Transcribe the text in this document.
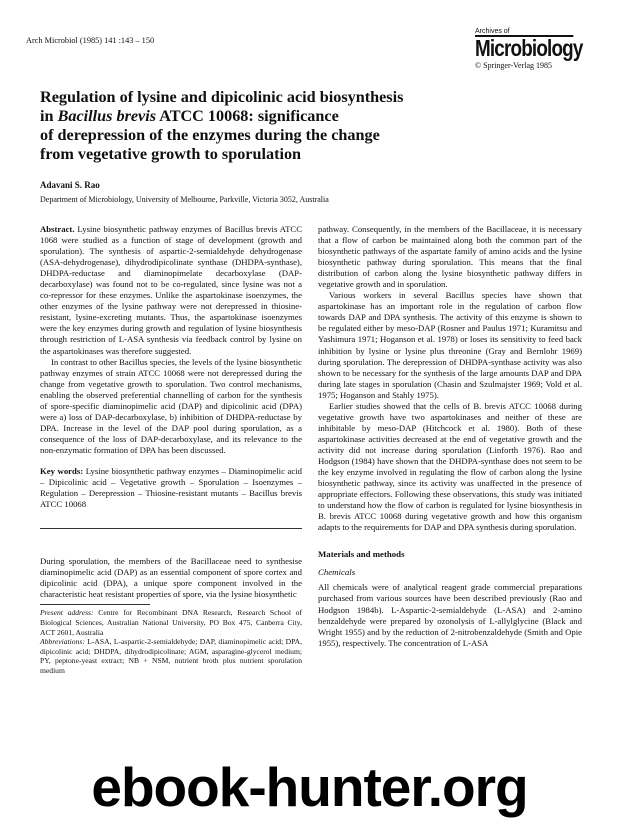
Arch Microbiol (1985) 141 :143 – 150
Archives of
Microbiology
© Springer-Verlag 1985
Regulation of lysine and dipicolinic acid biosynthesis
in Bacillus brevis ATCC 10068: significance
of derepression of the enzymes during the change
from vegetative growth to sporulation
Adavani S. Rao
Department of Microbiology, University of Melbourne, Parkville, Victoria 3052, Australia

Abstract. Lysine biosynthetic pathway enzymes of Bacillus brevis ATCC 1068 were studied as a function of stage of development (growth and sporulation). The synthesis of aspartic-2-semialdehyde dehydrogenase (ASA-dehydrogenase), dihydrodipicolinate synthase (DHDPA-synthase), DHDPA-reductase and diaminopimelate decarboxylase (DAP-decarboxylase) was found not to be co-regulated, since lysine was not a co-repressor for these enzymes. Unlike the aspartokinase isoenzymes, the other enzymes of the lysine pathway were not derepressed in thiosine-resistant, lysine-excreting mutants. Thus, the aspartokinase isoenzymes were the key enzymes during growth and regulation of lysine biosynthesis through restriction of L-ASA synthesis via feedback control by lysine on the aspartokinases was therefore suggested.

In contrast to other Bacillus species, the levels of the lysine biosynthetic pathway enzymes of strain ATCC 10068 were not derepressed during the change from vegetative growth to sporulation. Two control mechanisms, enabling the observed preferential channelling of carbon for the synthesis of spore-specific diaminopimelic acid (DAP) and dipicolinic acid (DPA) were a) loss of DAP-decarboxylase, b) inhibition of DHDPA-reductase by DPA. Increase in the level of the DAP pool during sporulation, as a consequence of the loss of DAP-decarboxylase, and its relevance to the non-enzymatic formation of DPA has been discussed.

Key words: Lysine biosynthetic pathway enzymes – Diaminopimelic acid – Dipicolinic acid – Vegetative growth – Sporulation – Isoenzymes – Regulation – Derepression – Thiosine-resistant mutants – Bacillus brevis ATCC 10068

During sporulation, the members of the Bacillaceae need to synthesise diaminopimelic acid (DAP) as an essential component of spore cortex and dipicolinic acid (DPA), a unique spore component involved in the characteristic heat resistant properties of spore, via the lysine biosynthetic

Present address: Centre for Recombinant DNA Research, Research School of Biological Sciences, Australian National University, PO Box 475, Canberra City, ACT 2601, Australia

Abbreviations: L-ASA, L-aspartic-2-semialdehyde; DAP, diaminopimelic acid; DPA, dipicolinic acid; DHDPA, dihydrodipicolinate; AGM, asparagine-glycerol medium; PY, peptone-yeast extract; NB + NSM, nutrient broth plus nutrient sporulation medium

pathway. Consequently, in the members of the Bacillaceae, it is necessary that a flow of carbon be maintained along both the common part of the biosynthetic pathways of the aspartate family of amino acids and the lysine biosynthetic pathway during sporulation. This means that the final distribution of carbon along the lysine biosynthetic pathway differs in vegetative growth and in sporulation.

Various workers in several Bacillus species have shown that aspartokinase has an important role in the regulation of carbon flow towards DAP and DPA synthesis. The activity of this enzyme is shown to be regulated either by meso-DAP (Rosner and Paulus 1971; Kuramitsu and Yashimura 1971; Hoganson et al. 1978) or loses its sensitivity to feed back inhibition by lysine or lysine plus threonine (Gray and Bernlohr 1969) during sporulation. The derepression of DHDPA-synthase activity was also shown to be necessary for the synthesis of the large amounts DAP and DPA during late stages in sporulation (Chasin and Szulmajster 1969; Vold et al. 1975; Hoganson and Stahly 1975).

Earlier studies showed that the cells of B. brevis ATCC 10068 during vegetative growth have two aspartokinases and neither of these are inhibitable by meso-DAP (Hitchcock et al. 1980). Both of these aspartokinase activities decreased at the end of vegetative growth and the activity did not increase during sporulation (Linforth 1976). Rao and Hodgson (1984) have shown that the DHDPA-synthase does not seem to be the key enzyme involved in regulating the flow of carbon along the lysine biosynthetic pathway, since its activity was unaffected in the presence of appropriate effectors. Following these observations, this study was initiated to understand how the flow of carbon is regulated for lysine biosynthesis in B. brevis ATCC 10068 during vegetative growth and how this organism adapts to the requirements for DAP and DPA synthesis during sporulation.

Materials and methods
Chemicals

All chemicals were of analytical reagent grade commercial preparations purchased from various sources have been described previously (Rao and Hodgson 1984b). L-Aspartic-2-semialdehyde (L-ASA) and 2-amino benzaldehyde were prepared by ozonolysis of L-allylglycine (Black and Wright 1955) and by the reduction of 2-nitrobenzaldehyde (Smith and Opie 1955), respectively. The concentration of L-ASA

ebook-hunter.org
